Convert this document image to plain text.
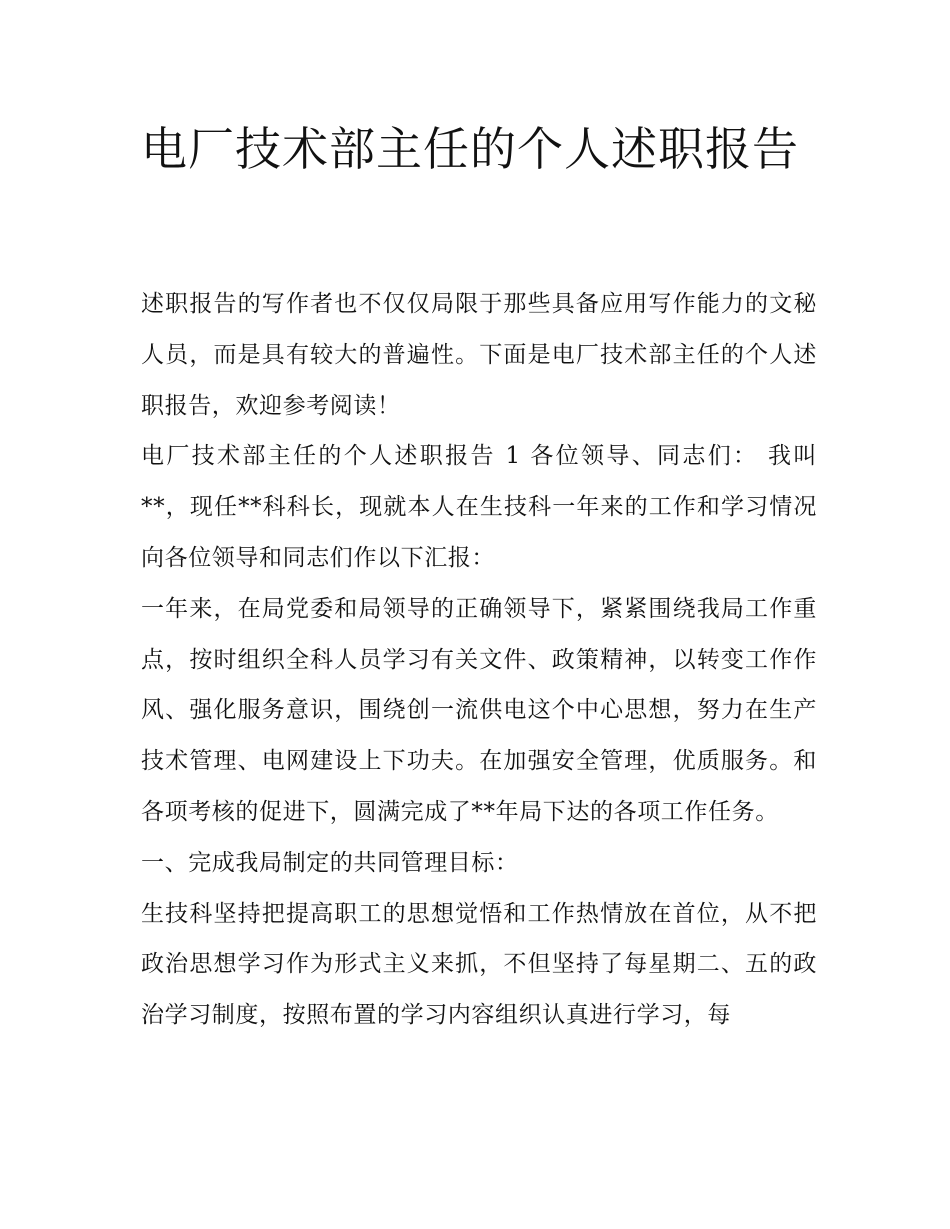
电厂技术部主任的个人述职报告

述职报告的写作者也不仅仅局限于那些具备应用写作能力的文秘人员，而是具有较大的普遍性。下面是电厂技术部主任的个人述职报告，欢迎参考阅读！

电厂技术部主任的个人述职报告 1 各位领导、同志们： 我叫**，现任**科科长，现就本人在生技科一年来的工作和学习情况向各位领导和同志们作以下汇报：

一年来，在局党委和局领导的正确领导下，紧紧围绕我局工作重点，按时组织全科人员学习有关文件、政策精神，以转变工作作风、强化服务意识，围绕创一流供电这个中心思想，努力在生产技术管理、电网建设上下功夫。在加强安全管理，优质服务。和各项考核的促进下，圆满完成了**年局下达的各项工作任务。

一、完成我局制定的共同管理目标：

生技科坚持把提高职工的思想觉悟和工作热情放在首位，从不把政治思想学习作为形式主义来抓，不但坚持了每星期二、五的政治学习制度，按照布置的学习内容组织认真进行学习，每
